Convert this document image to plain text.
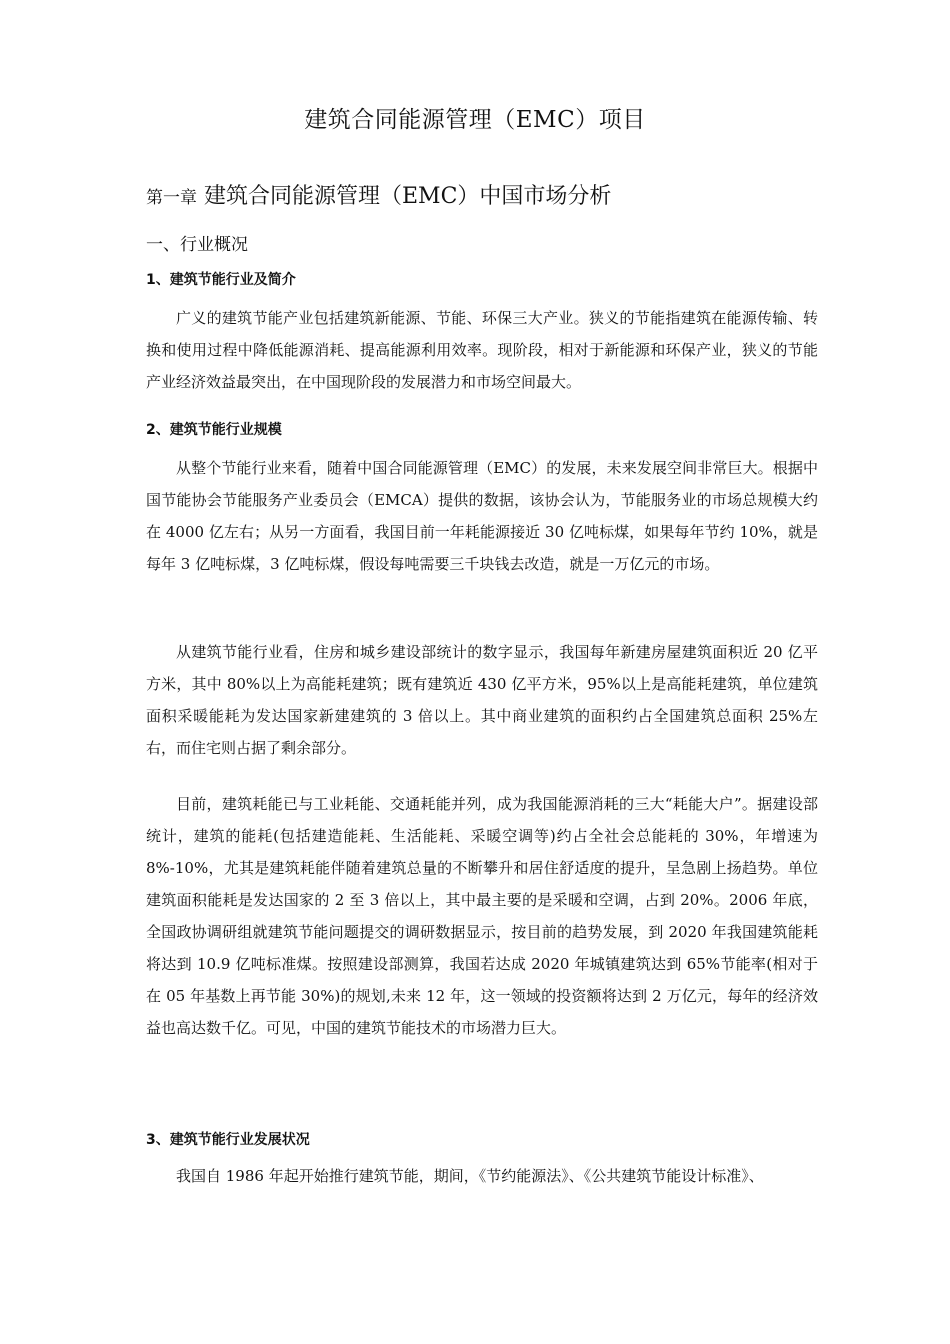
建筑合同能源管理（EMC）项目
第一章 建筑合同能源管理（EMC）中国市场分析
一、行业概况
1、建筑节能行业及简介
广义的建筑节能产业包括建筑新能源、节能、环保三大产业。狭义的节能指建筑在能源传输、转换和使用过程中降低能源消耗、提高能源利用效率。现阶段，相对于新能源和环保产业，狭义的节能产业经济效益最突出，在中国现阶段的发展潜力和市场空间最大。
2、建筑节能行业规模
从整个节能行业来看，随着中国合同能源管理（EMC）的发展，未来发展空间非常巨大。根据中国节能协会节能服务产业委员会（EMCA）提供的数据，该协会认为，节能服务业的市场总规模大约在 4000 亿左右；从另一方面看，我国目前一年耗能源接近 30 亿吨标煤，如果每年节约 10%，就是每年 3 亿吨标煤，3 亿吨标煤，假设每吨需要三千块钱去改造，就是一万亿元的市场。
从建筑节能行业看，住房和城乡建设部统计的数字显示，我国每年新建房屋建筑面积近 20 亿平方米，其中 80%以上为高能耗建筑；既有建筑近 430 亿平方米，95%以上是高能耗建筑，单位建筑面积采暖能耗为发达国家新建建筑的 3 倍以上。其中商业建筑的面积约占全国建筑总面积 25%左右，而住宅则占据了剩余部分。
目前，建筑耗能已与工业耗能、交通耗能并列，成为我国能源消耗的三大“耗能大户”。据建设部统计，建筑的能耗(包括建造能耗、生活能耗、采暖空调等)约占全社会总能耗的 30%，年增速为 8%-10%，尤其是建筑耗能伴随着建筑总量的不断攀升和居住舒适度的提升，呈急剧上扬趋势。单位建筑面积能耗是发达国家的 2 至 3 倍以上，其中最主要的是采暖和空调，占到 20%。2006 年底，全国政协调研组就建筑节能问题提交的调研数据显示，按目前的趋势发展，到 2020 年我国建筑能耗将达到 10.9 亿吨标准煤。按照建设部测算，我国若达成 2020 年城镇建筑达到 65%节能率(相对于在 05 年基数上再节能 30%)的规划,未来 12 年，这一领域的投资额将达到 2 万亿元，每年的经济效益也高达数千亿。可见，中国的建筑节能技术的市场潜力巨大。
3、建筑节能行业发展状况
我国自 1986 年起开始推行建筑节能，期间，《节约能源法》、《公共建筑节能设计标准》、
